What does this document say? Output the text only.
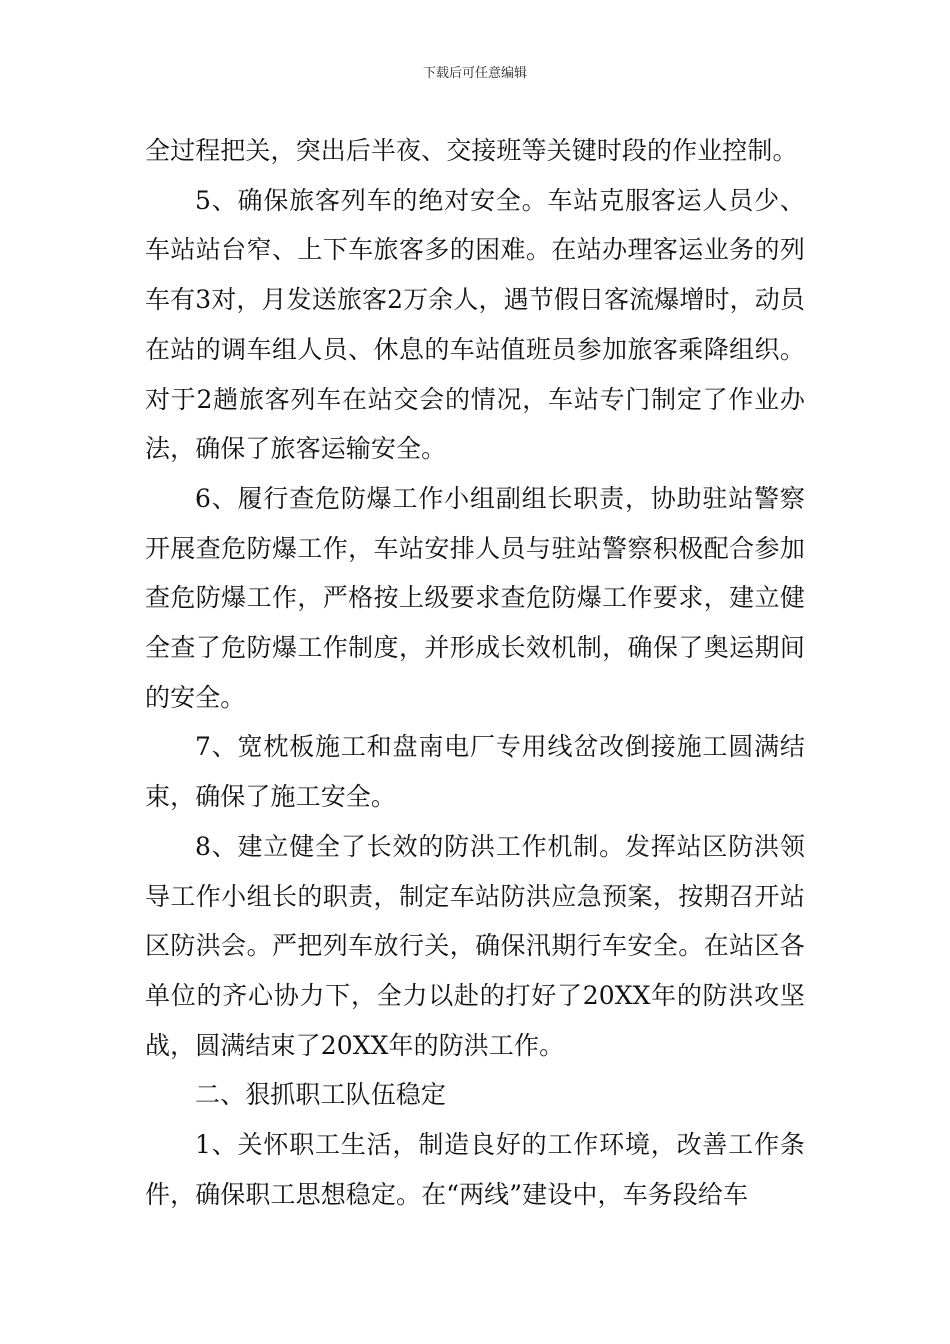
下载后可任意编辑

全过程把关，突出后半夜、交接班等关键时段的作业控制。

5、确保旅客列车的绝对安全。车站克服客运人员少、车站站台窄、上下车旅客多的困难。在站办理客运业务的列车有3对，月发送旅客2万余人，遇节假日客流爆增时，动员在站的调车组人员、休息的车站值班员参加旅客乘降组织。对于2趟旅客列车在站交会的情况，车站专门制定了作业办法，确保了旅客运输安全。

6、履行查危防爆工作小组副组长职责，协助驻站警察开展查危防爆工作，车站安排人员与驻站警察积极配合参加查危防爆工作，严格按上级要求查危防爆工作要求，建立健全查了危防爆工作制度，并形成长效机制，确保了奥运期间的安全。

7、宽枕板施工和盘南电厂专用线岔改倒接施工圆满结束，确保了施工安全。

8、建立健全了长效的防洪工作机制。发挥站区防洪领导工作小组长的职责，制定车站防洪应急预案，按期召开站区防洪会。严把列车放行关，确保汛期行车安全。在站区各单位的齐心协力下，全力以赴的打好了20XX年的防洪攻坚战，圆满结束了20XX年的防洪工作。

二、狠抓职工队伍稳定

1、关怀职工生活，制造良好的工作环境，改善工作条件，确保职工思想稳定。在“两线”建设中，车务段给车
